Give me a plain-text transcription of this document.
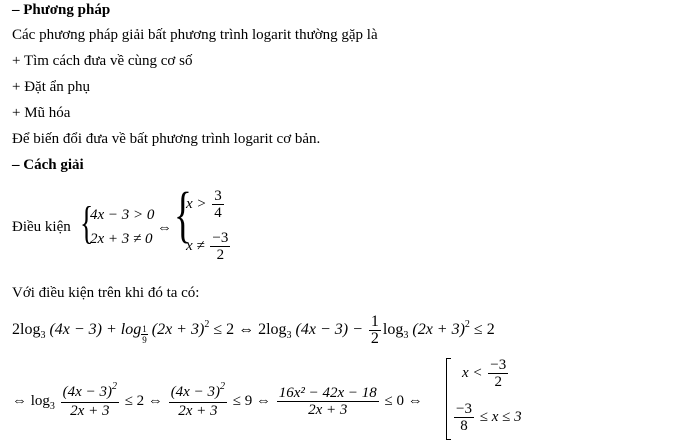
– Phương pháp
Các phương pháp giải bất phương trình logarit thường gặp là
+ Tìm cách đưa về cùng cơ số
+ Đặt ẩn phụ
+ Mũ hóa
Để biến đổi đưa về bất phương trình logarit cơ bản.
– Cách giải
Điều kiện {
4x − 3 > 0
2x + 3 ≠ 0
⇔ {
$x > \frac{3}{4}$
$x \ne \frac{-3}{2}$
Với điều kiện trên khi đó ta có:
$2\log_3$ $(4x - 3) + \log \frac{1}{9} (2x + 3)^2 \le 2$ ⇔ $2\log_3$ $(4x - 3) - \frac{1}{2} \log_3 (2x + 3)^2 \le 2$
⇔ $\log_3 \frac{(4x - 3)^2}{2x + 3} \le 2$ ⇔ $\frac{(4x - 3)^2}{2x + 3} \le 9$ ⇔ $\frac{\text{16x² − 42x − 18}}{2x + 3} \le 0$ ⇔
$x < \frac{-3}{2}$
$\frac{-3}{8} \le x \le 3$
